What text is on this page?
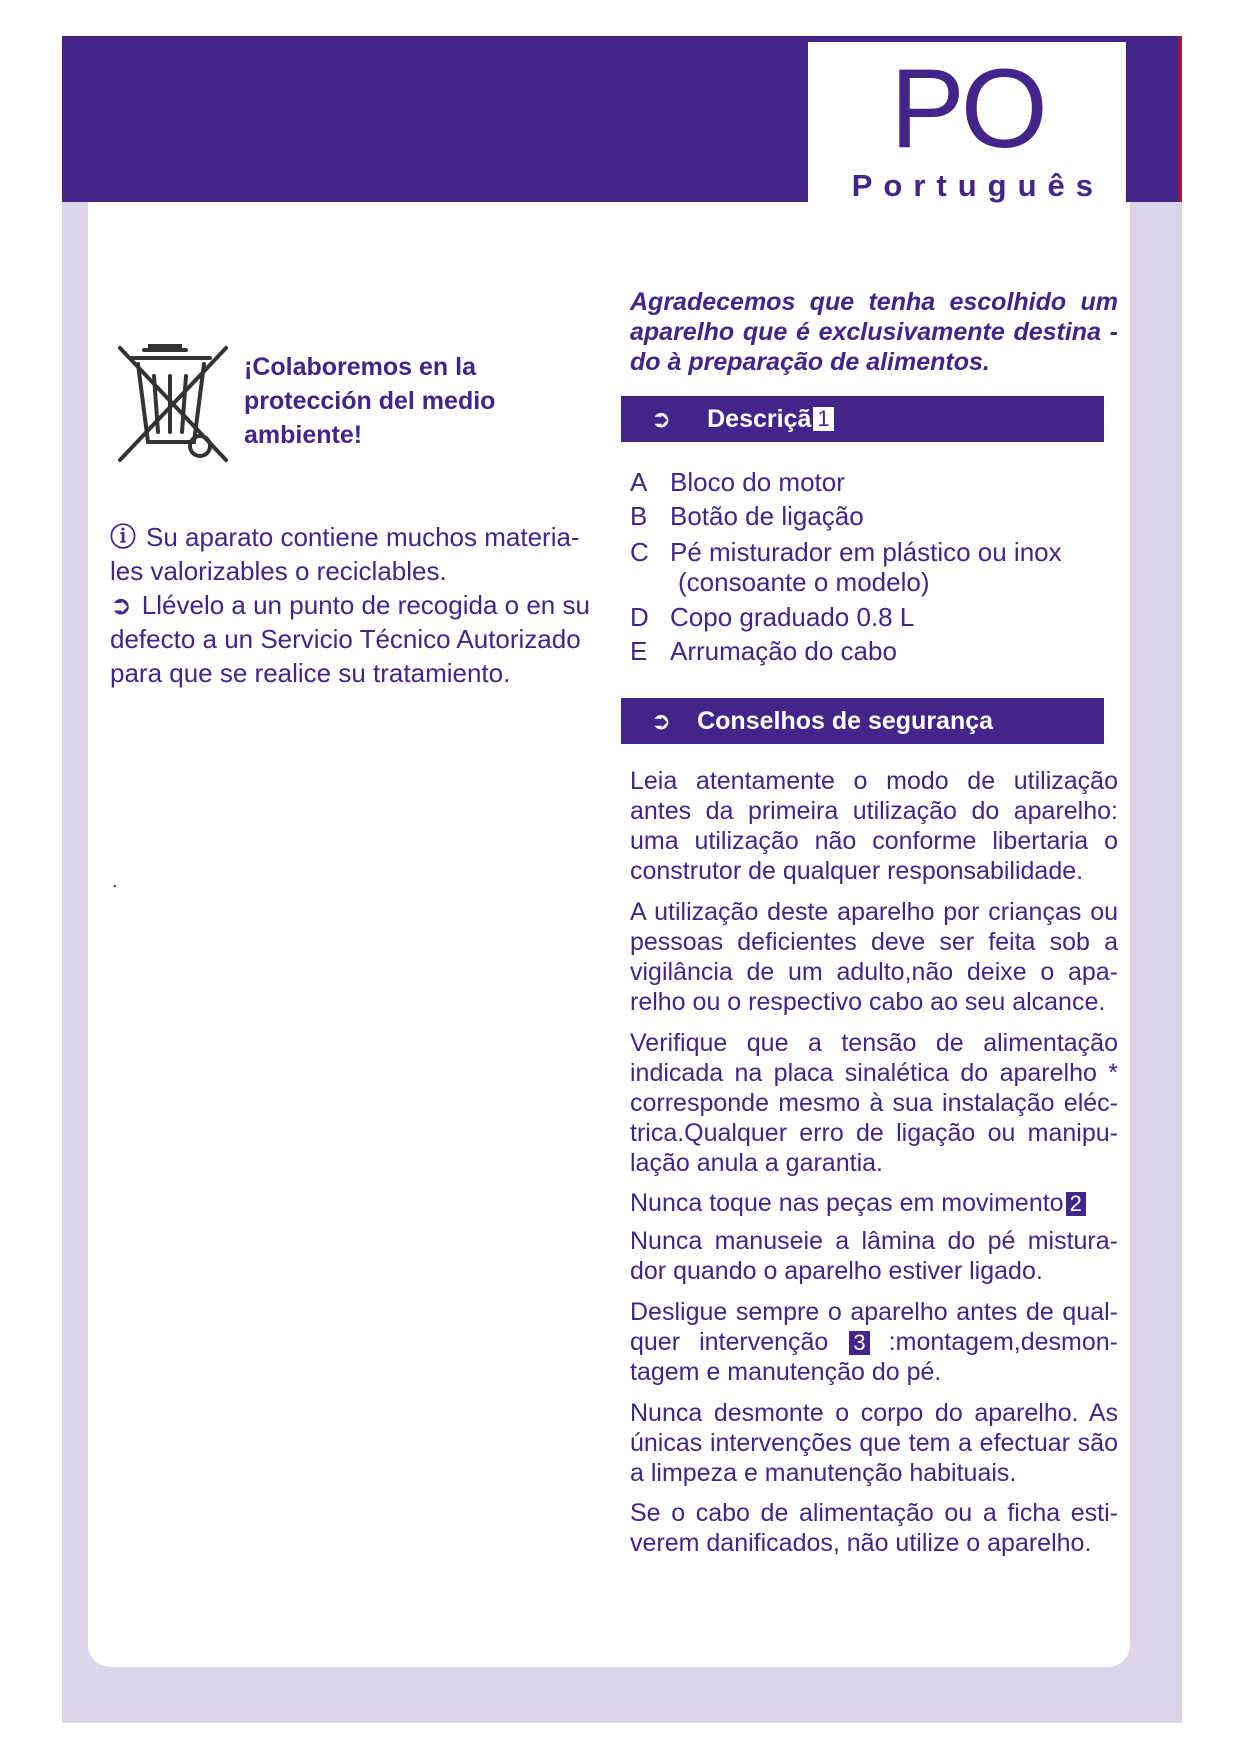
PO
Português
¡Colaboremos en la protección del medio ambiente!
ⓘ Su aparato contiene muchos materia- les valorizables o reciclables.
➲ Llévelo a un punto de recogida o en su defecto a un Servicio Técnico Autorizado para que se realice su tratamiento.
.
Agradecemos que tenha escolhido um aparelho que é exclusivamente destina - do à preparação de alimentos.
➲ Descriçã 1
A Bloco do motor
B Botão de ligação
C Pé misturador em plástico ou inox
(consoante o modelo)
D Copo graduado 0.8 L
E Arrumação do cabo
➲ Conselhos de segurança
Leia atentamente o modo de utilização antes da primeira utilização do aparelho: uma utilização não conforme libertaria o construtor de qualquer responsabilidade.
A utilização deste aparelho por crianças ou pessoas deficientes deve ser feita sob a vigilância de um adulto,não deixe o apa- relho ou o respectivo cabo ao seu alcance.
Verifique que a tensão de alimentação indicada na placa sinalética do aparelho * corresponde mesmo à sua instalação eléc- trica.Qualquer erro de ligação ou manipu- lação anula a garantia.
Nunca toque nas peças em movimento 2
Nunca manuseie a lâmina do pé mistura- dor quando o aparelho estiver ligado.
Desligue sempre o aparelho antes de qual- quer intervenção 3 :montagem,desmon- tagem e manutenção do pé.
Nunca desmonte o corpo do aparelho. As únicas intervenções que tem a efectuar são a limpeza e manutenção habituais.
Se o cabo de alimentação ou a ficha esti- verem danificados, não utilize o aparelho.
